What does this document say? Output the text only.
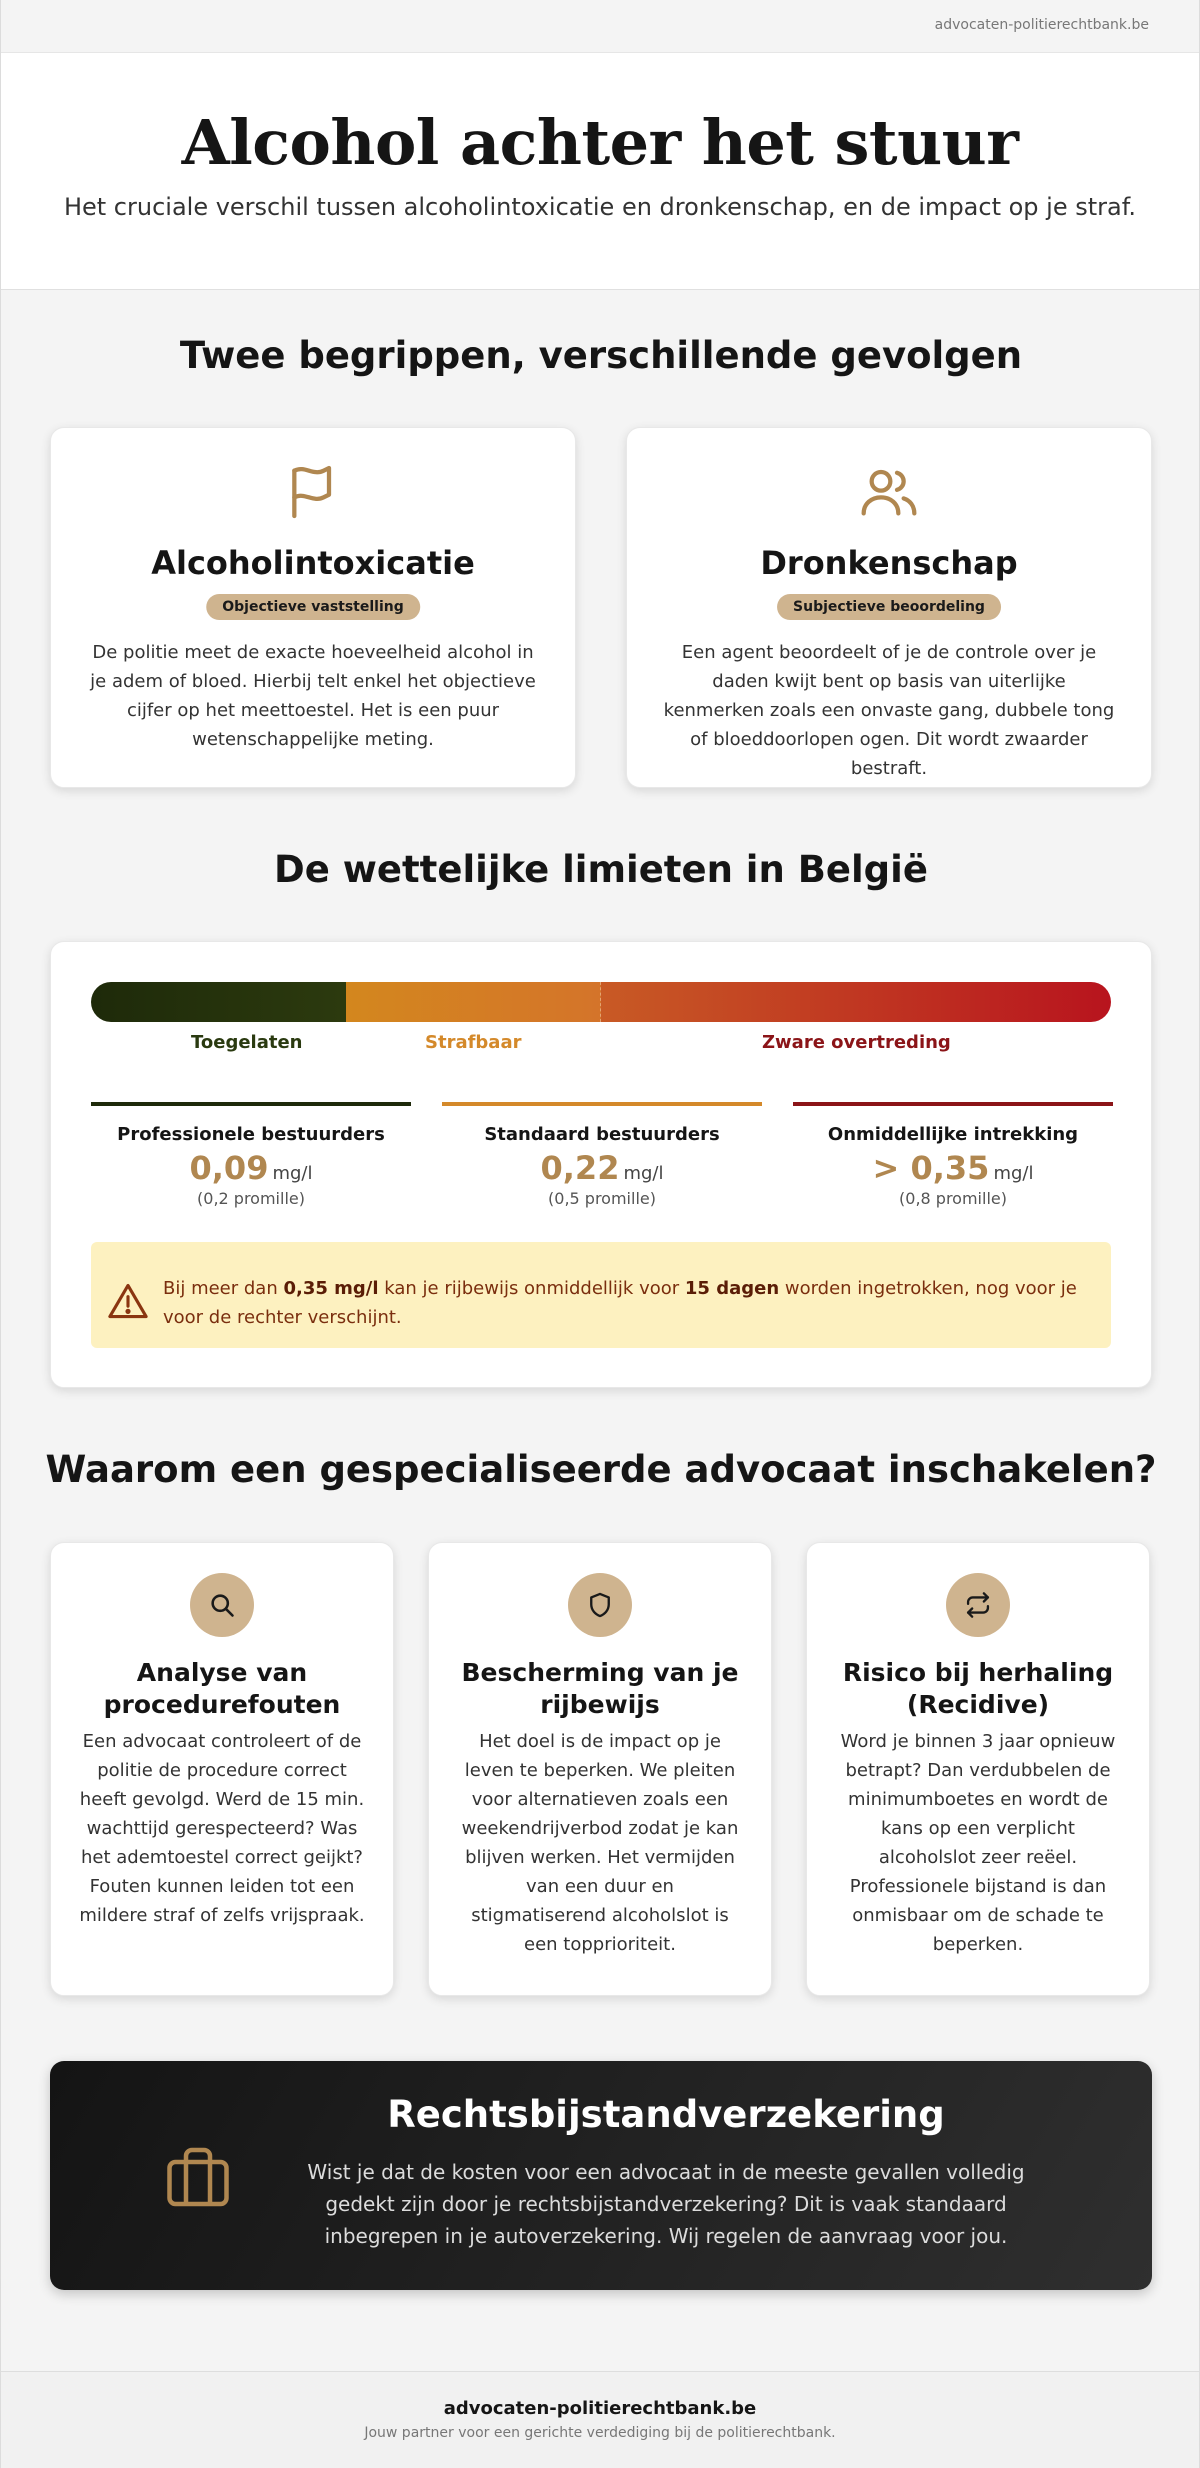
advocaten-politierechtbank.be
Alcohol achter het stuur

Het cruciale verschil tussen alcoholintoxicatie en dronkenschap, en de impact op je straf.

Twee begrippen, verschillende gevolgen
Alcoholintoxicatie
Objectieve vaststelling

De politie meet de exacte hoeveelheid alcohol in je adem of bloed. Hierbij telt enkel het objectieve cijfer op het meettoestel. Het is een puur wetenschappelijke meting.

Dronkenschap
Subjectieve beoordeling

Een agent beoordeelt of je de controle over je daden kwijt bent op basis van uiterlijke kenmerken zoals een onvaste gang, dubbele tong of bloeddoorlopen ogen. Dit wordt zwaarder bestraft.

De wettelijke limieten in België
Toegelaten	Strafbaar	Zware overtreding
Professionele bestuurders
0,09 mg/l
(0,2 promille)
Standaard bestuurders
0,22 mg/l
(0,5 promille)
Onmiddellijke intrekking
> 0,35 mg/l
(0,8 promille)

Bij meer dan 0,35 mg/l kan je rijbewijs onmiddellijk voor 15 dagen worden ingetrokken, nog voor je voor de rechter verschijnt.

Waarom een gespecialiseerde advocaat inschakelen?
Analyse van procedurefouten

Een advocaat controleert of de politie de procedure correct heeft gevolgd. Werd de 15 min. wachttijd gerespecteerd? Was het ademtoestel correct geijkt? Fouten kunnen leiden tot een mildere straf of zelfs vrijspraak.

Bescherming van je rijbewijs

Het doel is de impact op je leven te beperken. We pleiten voor alternatieven zoals een weekendrijverbod zodat je kan blijven werken. Het vermijden van een duur en stigmatiserend alcoholslot is een topprioriteit.

Risico bij herhaling (Recidive)

Word je binnen 3 jaar opnieuw betrapt? Dan verdubbelen de minimumboetes en wordt de kans op een verplicht alcoholslot zeer reëel. Professionele bijstand is dan onmisbaar om de schade te beperken.

Rechtsbijstandverzekering

Wist je dat de kosten voor een advocaat in de meeste gevallen volledig gedekt zijn door je rechtsbijstandverzekering? Dit is vaak standaard inbegrepen in je autoverzekering. Wij regelen de aanvraag voor jou.

advocaten-politierechtbank.be
Jouw partner voor een gerichte verdediging bij de politierechtbank.
